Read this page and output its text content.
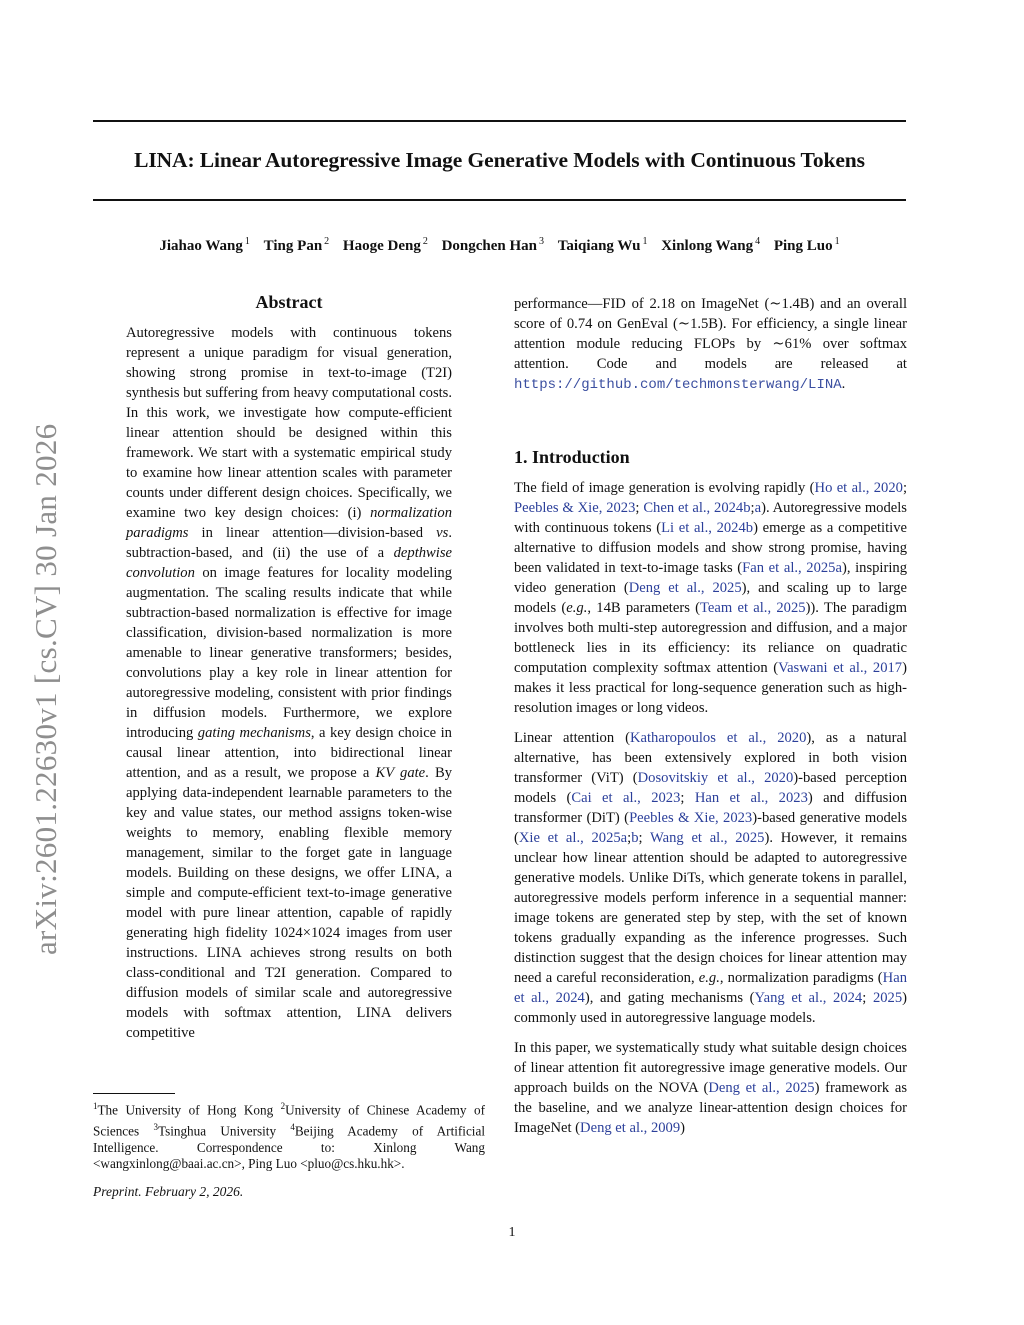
arXiv:2601.22630v1 [cs.CV] 30 Jan 2026
LINA: Linear Autoregressive Image Generative Models with Continuous Tokens
Jiahao Wang $^1$ Ting Pan $^2$ Haoge Deng $^2$ Dongchen Han $^3$ Taiqiang Wu $^1$ Xinlong Wang $^4$ Ping Luo $^1$
Abstract

Autoregressive models with continuous tokens represent a unique paradigm for visual generation, showing strong promise in text-to-image (T2I) synthesis but suffering from heavy computational costs. In this work, we investigate how compute-efficient linear attention should be designed within this framework. We start with a systematic empirical study to examine how linear attention scales with parameter counts under different design choices. Specifically, we examine two key design choices: (i) normalization paradigms in linear attention—division-based vs. subtraction-based, and (ii) the use of a depthwise convolution on image features for locality modeling augmentation. The scaling results indicate that while subtraction-based normalization is effective for image classification, division-based normalization is more amenable to linear generative transformers; besides, convolutions play a key role in linear attention for autoregressive modeling, consistent with prior findings in diffusion models. Furthermore, we explore introducing gating mechanisms, a key design choice in causal linear attention, into bidirectional linear attention, and as a result, we propose a KV gate. By applying data-independent learnable parameters to the key and value states, our method assigns token-wise weights to memory, enabling flexible memory management, similar to the forget gate in language models. Building on these designs, we offer LINA, a simple and compute-efficient text-to-image generative model with pure linear attention, capable of rapidly generating high fidelity 1024×1024 images from user instructions. LINA achieves strong results on both class-conditional and T2I generation. Compared to diffusion models of similar scale and autoregressive models with softmax attention, LINA delivers competitive

performance—FID of 2.18 on ImageNet (∼1.4B) and an overall score of 0.74 on GenEval (∼1.5B). For efficiency, a single linear attention module reducing FLOPs by ∼61% over softmax attention. Code and models are released at https://github.com/techmonsterwang/LINA.

1. Introduction

The field of image generation is evolving rapidly (Ho et al., 2020; Peebles & Xie, 2023; Chen et al., 2024b;a). Autoregressive models with continuous tokens (Li et al., 2024b) emerge as a competitive alternative to diffusion models and show strong promise, having been validated in text-to-image tasks (Fan et al., 2025a), inspiring video generation (Deng et al., 2025), and scaling up to large models (e.g., 14B parameters (Team et al., 2025)). The paradigm involves both multi-step autoregression and diffusion, and a major bottleneck lies in its efficiency: its reliance on quadratic computation complexity softmax attention (Vaswani et al., 2017) makes it less practical for long-sequence generation such as high-resolution images or long videos.

Linear attention (Katharopoulos et al., 2020), as a natural alternative, has been extensively explored in both vision transformer (ViT) (Dosovitskiy et al., 2020)-based perception models (Cai et al., 2023; Han et al., 2023) and diffusion transformer (DiT) (Peebles & Xie, 2023)-based generative models (Xie et al., 2025a;b; Wang et al., 2025). However, it remains unclear how linear attention should be adapted to autoregressive generative models. Unlike DiTs, which generate tokens in parallel, autoregressive models perform inference in a sequential manner: image tokens are generated step by step, with the set of known tokens gradually expanding as the inference progresses. Such distinction suggest that the design choices for linear attention may need a careful reconsideration, e.g., normalization paradigms (Han et al., 2024), and gating mechanisms (Yang et al., 2024; 2025) commonly used in autoregressive language models.

In this paper, we systematically study what suitable design choices of linear attention fit autoregressive image generative models. Our approach builds on the NOVA (Deng et al., 2025) framework as the baseline, and we analyze linear-attention design choices for ImageNet (Deng et al., 2009)

$^1$The University of Hong Kong $^2$University of Chinese Academy of Sciences $^3$Tsinghua University $^4$Beijing Academy of Artificial Intelligence. Correspondence to: Xinlong Wang <wangxinlong@baai.ac.cn>, Ping Luo <pluo@cs.hku.hk>.
Preprint. February 2, 2026.
1
